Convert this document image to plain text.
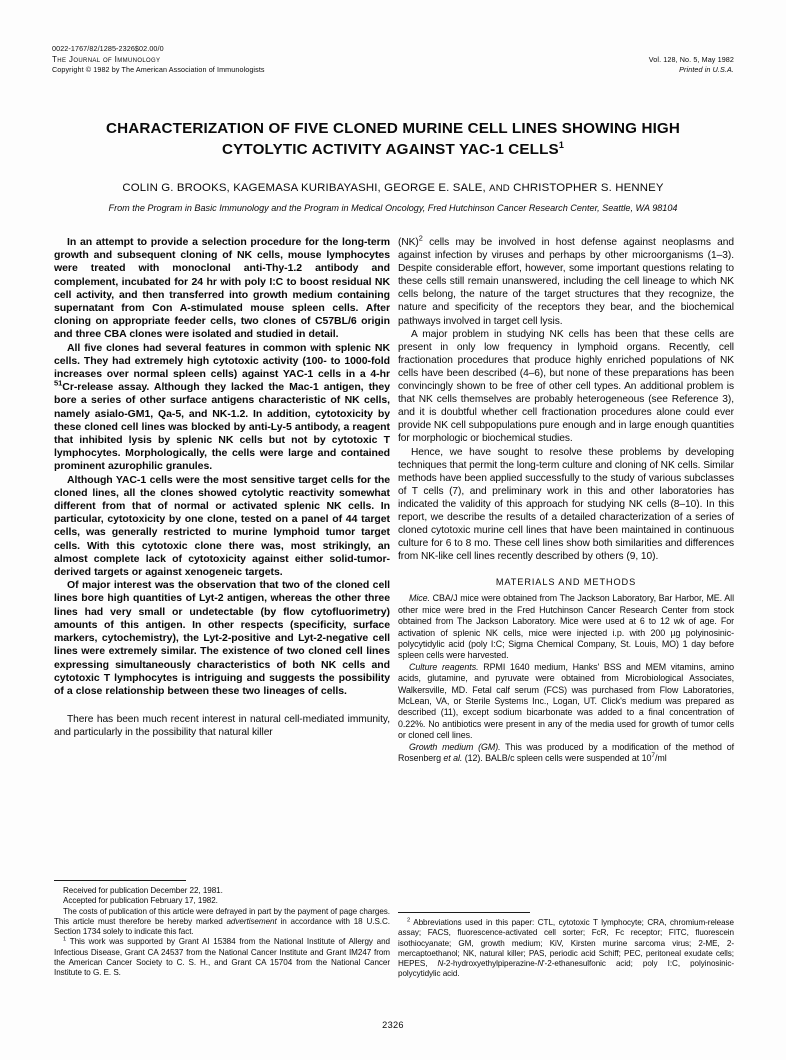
0022-1767/82/1285-2326$02.00/0
The Journal of Immunology
Copyright © 1982 by The American Association of Immunologists
Vol. 128, No. 5, May 1982
Printed in U.S.A.
CHARACTERIZATION OF FIVE CLONED MURINE CELL LINES SHOWING HIGH
CYTOLYTIC ACTIVITY AGAINST YAC-1 CELLS$^1$
COLIN G. BROOKS, KAGEMASA KURIBAYASHI, GEORGE E. SALE, AND CHRISTOPHER S. HENNEY
From the Program in Basic Immunology and the Program in Medical Oncology, Fred Hutchinson Cancer Research Center, Seattle, WA 98104

In an attempt to provide a selection procedure for the long-term growth and subsequent cloning of NK cells, mouse lymphocytes were treated with monoclonal anti-Thy-1.2 antibody and complement, incubated for 24 hr with poly I:C to boost residual NK cell activity, and then transferred into growth medium containing supernatant from Con A-stimulated mouse spleen cells. After cloning on appropriate feeder cells, two clones of C57BL/6 origin and three CBA clones were isolated and studied in detail.

All five clones had several features in common with splenic NK cells. They had extremely high cytotoxic activity (100- to 1000-fold increases over normal spleen cells) against YAC-1 cells in a 4-hr $^{51}$Cr-release assay. Although they lacked the Mac-1 antigen, they bore a series of other surface antigens characteristic of NK cells, namely asialo-GM1, Qa-5, and NK-1.2. In addition, cytotoxicity by these cloned cell lines was blocked by anti-Ly-5 antibody, a reagent that inhibited lysis by splenic NK cells but not by cytotoxic T lymphocytes. Morphologically, the cells were large and contained prominent azurophilic granules.

Although YAC-1 cells were the most sensitive target cells for the cloned lines, all the clones showed cytolytic reactivity somewhat different from that of normal or activated splenic NK cells. In particular, cytotoxicity by one clone, tested on a panel of 44 target cells, was generally restricted to murine lymphoid tumor target cells. With this cytotoxic clone there was, most strikingly, an almost complete lack of cytotoxicity against either solid-tumor-derived targets or against xenogeneic targets.

Of major interest was the observation that two of the cloned cell lines bore high quantities of Lyt-2 antigen, whereas the other three lines had very small or undetectable (by flow cytofluorimetry) amounts of this antigen. In other respects (specificity, surface markers, cytochemistry), the Lyt-2-positive and Lyt-2-negative cell lines were extremely similar. The existence of two cloned cell lines expressing simultaneously characteristics of both NK cells and cytotoxic T lymphocytes is intriguing and suggests the possibility of a close relationship between these two lineages of cells.

There has been much recent interest in natural cell-mediated immunity, and particularly in the possibility that natural killer

(NK)$^2$ cells may be involved in host defense against neoplasms and against infection by viruses and perhaps by other microorganisms (1–3). Despite considerable effort, however, some important questions relating to these cells still remain unanswered, including the cell lineage to which NK cells belong, the nature of the target structures that they recognize, the nature and specificity of the receptors they bear, and the biochemical pathways involved in target cell lysis.

A major problem in studying NK cells has been that these cells are present in only low frequency in lymphoid organs. Recently, cell fractionation procedures that produce highly enriched populations of NK cells have been described (4–6), but none of these preparations has been convincingly shown to be free of other cell types. An additional problem is that NK cells themselves are probably heterogeneous (see Reference 3), and it is doubtful whether cell fractionation procedures alone could ever provide NK cell subpopulations pure enough and in large enough quantities for morphologic or biochemical studies.

Hence, we have sought to resolve these problems by developing techniques that permit the long-term culture and cloning of NK cells. Similar methods have been applied successfully to the study of various subclasses of T cells (7), and preliminary work in this and other laboratories has indicated the validity of this approach for studying NK cells (8–10). In this report, we describe the results of a detailed characterization of a series of cloned cytotoxic murine cell lines that have been maintained in continuous culture for 6 to 8 mo. These cell lines show both similarities and differences from NK-like cell lines recently described by others (9, 10).

MATERIALS AND METHODS

Mice. CBA/J mice were obtained from The Jackson Laboratory, Bar Harbor, ME. All other mice were bred in the Fred Hutchinson Cancer Research Center from stock obtained from The Jackson Laboratory. Mice were used at 6 to 12 wk of age. For activation of splenic NK cells, mice were injected i.p. with 200 µg polyinosinic-polycytidylic acid (poly I:C; Sigma Chemical Company, St. Louis, MO) 1 day before spleen cells were harvested.

Culture reagents. RPMI 1640 medium, Hanks' BSS and MEM vitamins, amino acids, glutamine, and pyruvate were obtained from Microbiological Associates, Walkersville, MD. Fetal calf serum (FCS) was purchased from Flow Laboratories, McLean, VA, or Sterile Systems Inc., Logan, UT. Click's medium was prepared as described (11), except sodium bicarbonate was added to a final concentration of 0.22%. No antibiotics were present in any of the media used for growth of tumor cells or cloned cell lines.

Growth medium (GM). This was produced by a modification of the method of Rosenberg et al. (12). BALB/c spleen cells were suspended at $10^7/ml$

Received for publication December 22, 1981.

Accepted for publication February 17, 1982.

The costs of publication of this article were defrayed in part by the payment of page charges. This article must therefore be hereby marked advertisement in accordance with 18 U.S.C. Section 1734 solely to indicate this fact.

$^1$ This work was supported by Grant AI 15384 from the National Institute of Allergy and Infectious Disease, Grant CA 24537 from the National Cancer Institute and Grant IM247 from the American Cancer Society to C. S. H., and Grant CA 15704 from the National Cancer Institute to G. E. S.

$^2$ Abbreviations used in this paper: CTL, cytotoxic T lymphocyte; CRA, chromium-release assay; FACS, fluorescence-activated cell sorter; FcR, Fc receptor; FITC, fluorescein isothiocyanate; GM, growth medium; KiV, Kirsten murine sarcoma virus; 2-ME, 2-mercaptoethanol; NK, natural killer; PAS, periodic acid Schiff; PEC, peritoneal exudate cells; HEPES, N-2-hydroxyethylpiperazine-N'-2-ethanesulfonic acid; poly I:C, polyinosinic-polycytidylic acid.

2326
